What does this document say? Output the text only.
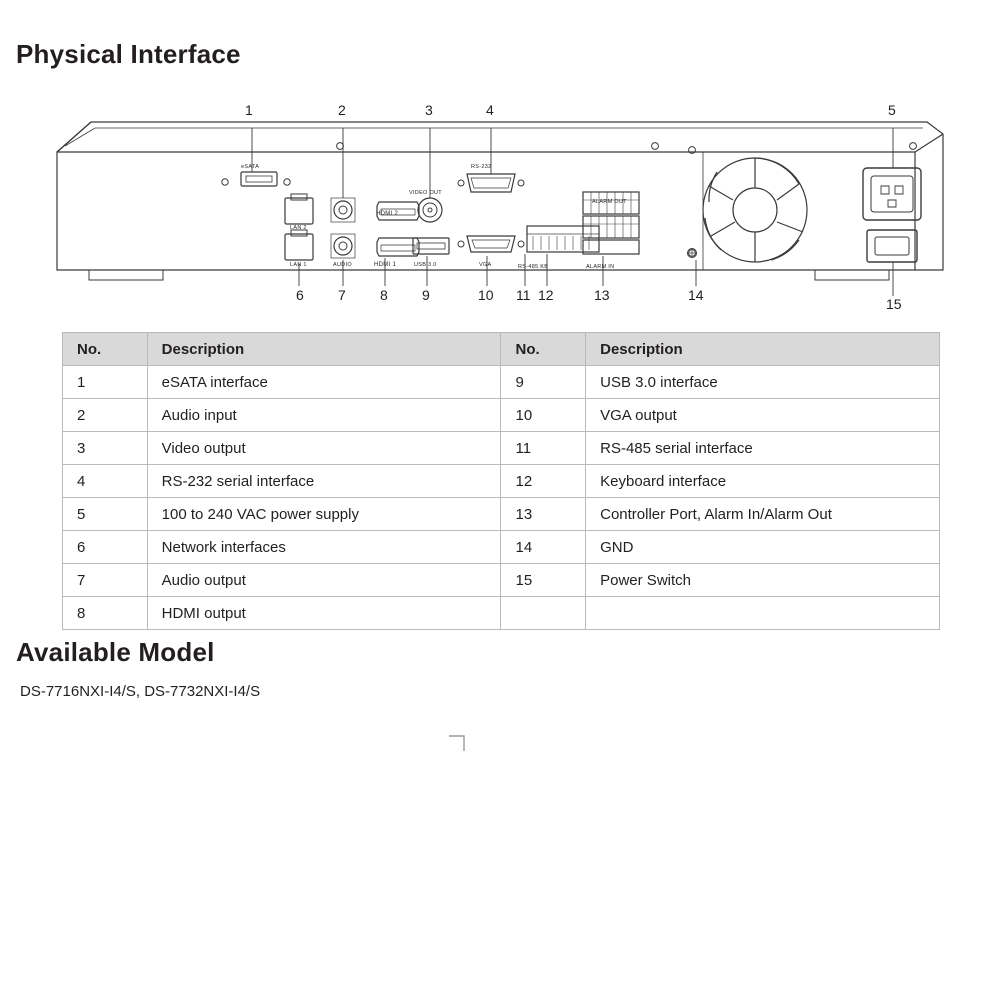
Physical Interface
1	2	3	4	5
6 7 8 9	10 11 12	13	14
15
eSATA	RS-232
HDMI 2
VIDEO OUT
ALARM OUT
LAN 2
LAN 1	AUDIO	HDMI 1	USB 3.0	VGA	RS-485 KB	ALARM IN
No.	Description	No.	Description
1	eSATA interface	9	USB 3.0 interface
2	Audio input	10	VGA output
3	Video output	11	RS-485 serial interface
4	RS-232 serial interface	12	Keyboard interface
5	100 to 240 VAC power supply	13	Controller Port, Alarm In/Alarm Out
6	Network interfaces	14	GND
7	Audio output	15	Power Switch
8	HDMI output		
Available Model
DS-7716NXI-I4/S, DS-7732NXI-I4/S
